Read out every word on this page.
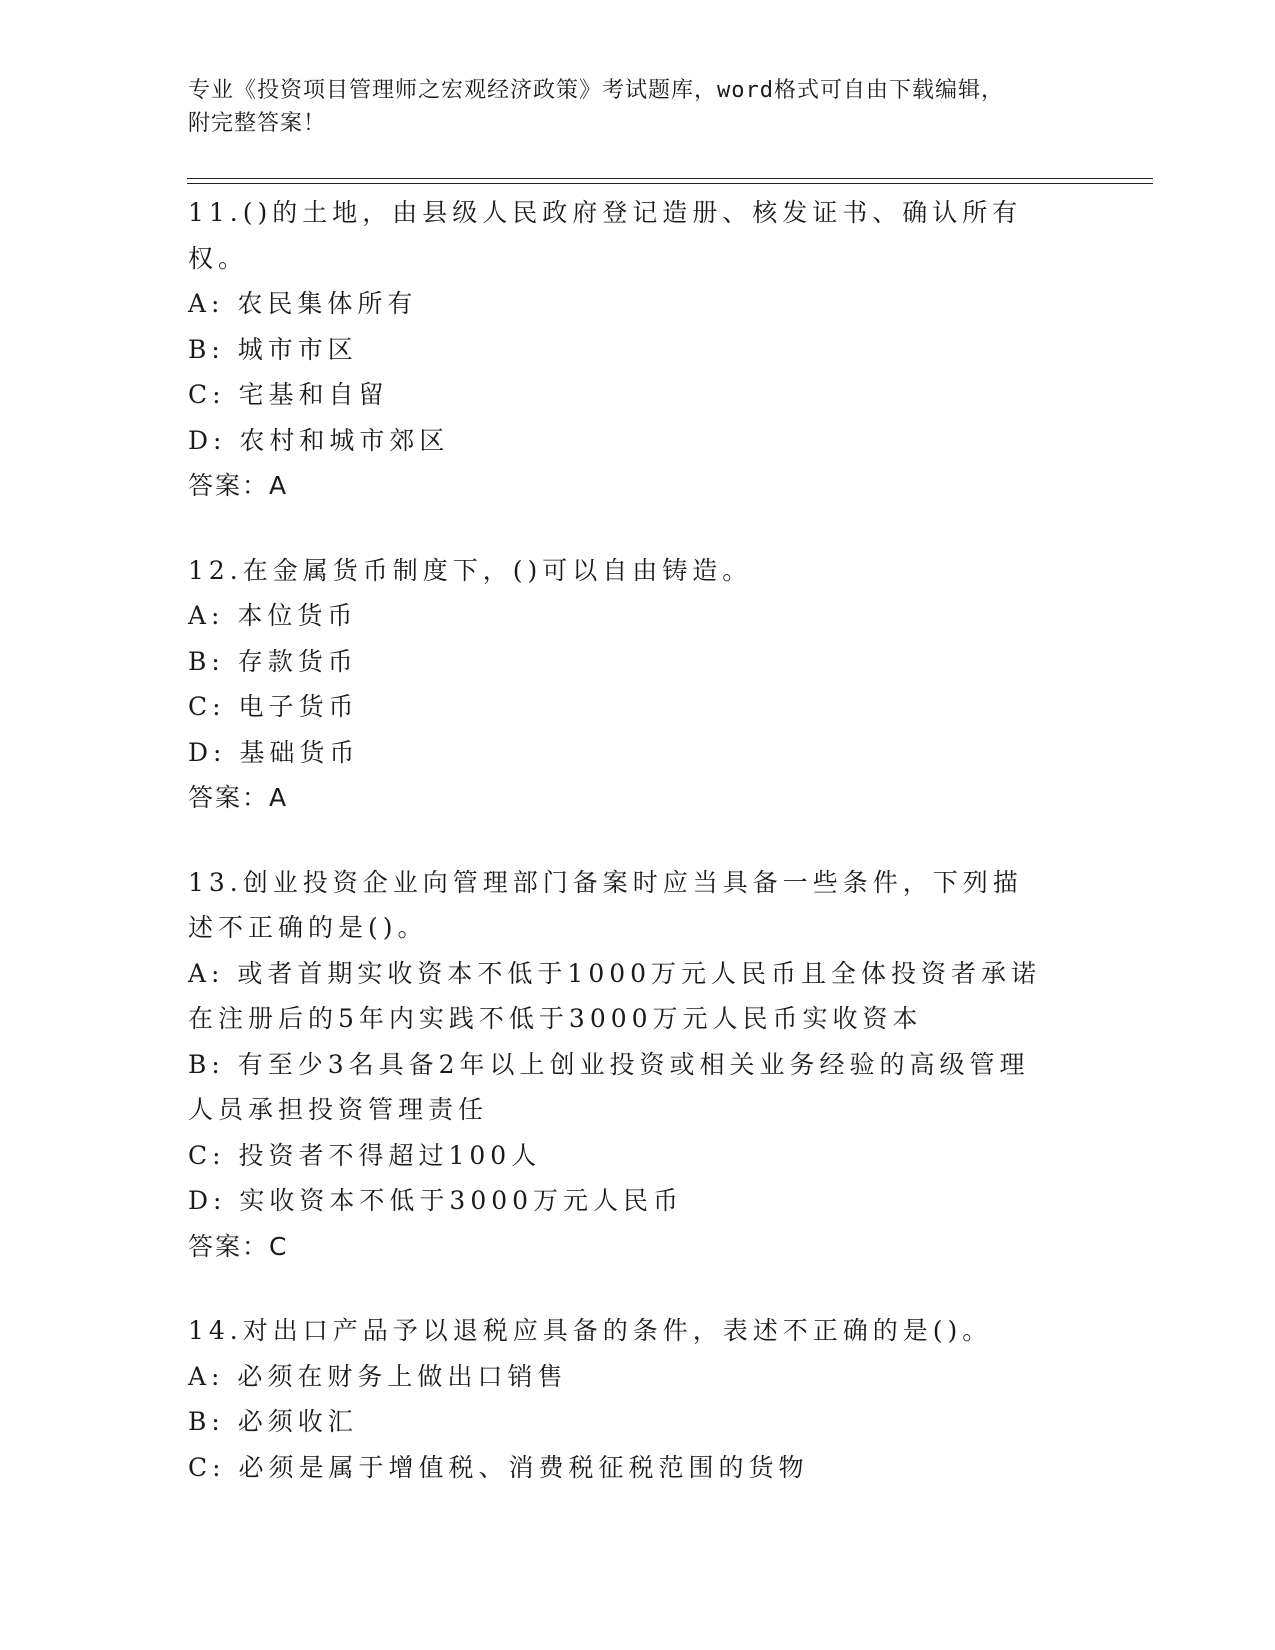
专业《投资项目管理师之宏观经济政策》考试题库，word格式可自由下载编辑，
附完整答案！
11.()的土地，由县级人民政府登记造册、核发证书、确认所有权。
A: 农民集体所有
B: 城市市区
C: 宅基和自留
D: 农村和城市郊区
答案：A
12.在金属货币制度下，()可以自由铸造。
A: 本位货币
B: 存款货币
C: 电子货币
D: 基础货币
答案：A
13.创业投资企业向管理部门备案时应当具备一些条件，下列描述不正确的是()。
A: 或者首期实收资本不低于1000万元人民币且全体投资者承诺在注册后的5年内实践不低于3000万元人民币实收资本
B: 有至少3名具备2年以上创业投资或相关业务经验的高级管理人员承担投资管理责任
C: 投资者不得超过100人
D: 实收资本不低于3000万元人民币
答案：C
14.对出口产品予以退税应具备的条件，表述不正确的是()。
A: 必须在财务上做出口销售
B: 必须收汇
C: 必须是属于增值税、消费税征税范围的货物
